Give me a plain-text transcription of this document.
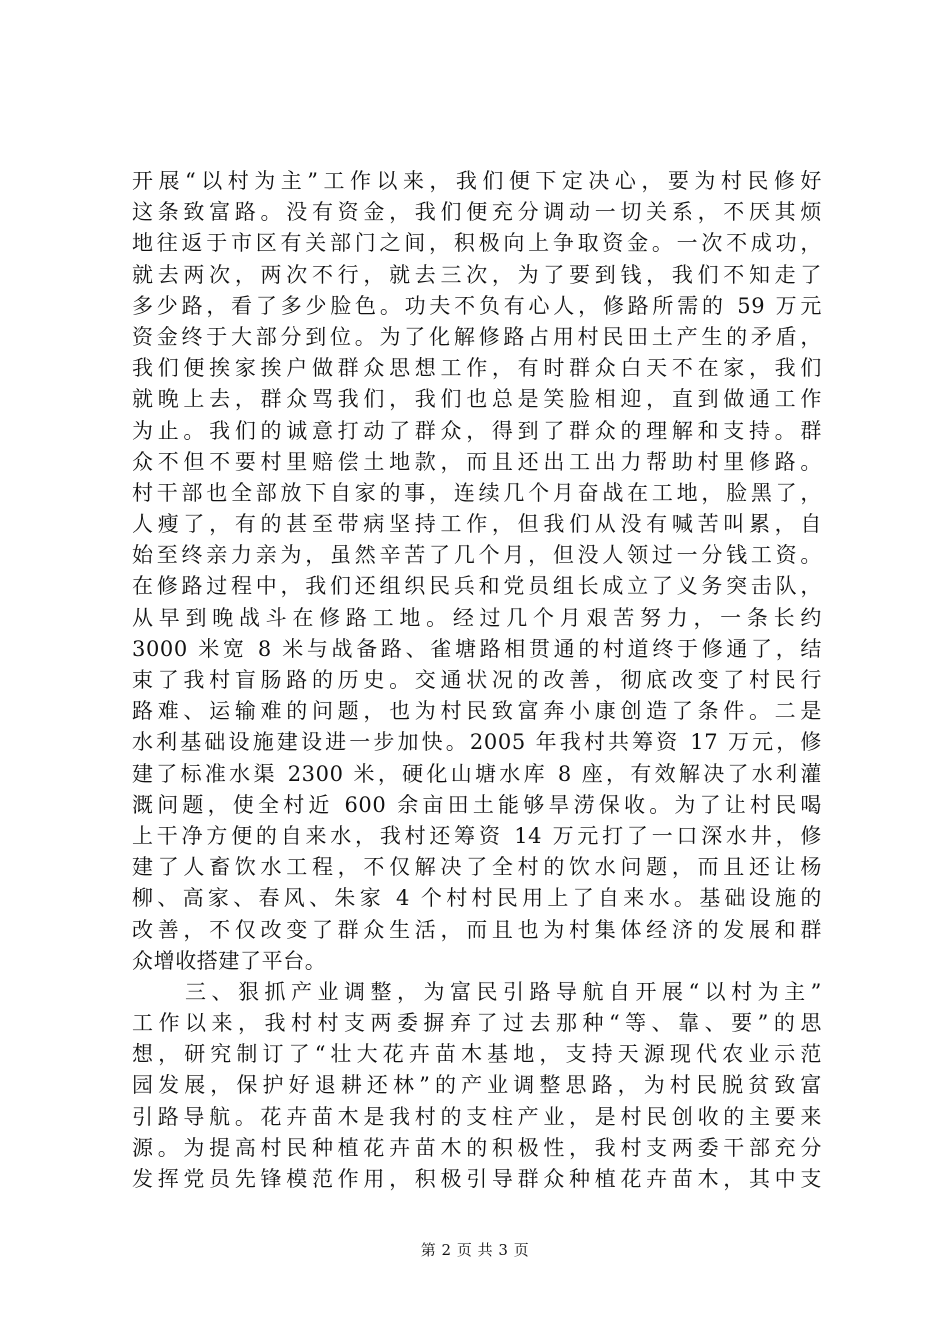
开展“以村为主”工作以来，我们便下定决心，要为村民修好
这条致富路。没有资金，我们便充分调动一切关系，不厌其烦
地往返于市区有关部门之间，积极向上争取资金。一次不成功，
就去两次，两次不行，就去三次，为了要到钱，我们不知走了
多少路，看了多少脸色。功夫不负有心人，修路所需的 59 万元
资金终于大部分到位。为了化解修路占用村民田土产生的矛盾，
我们便挨家挨户做群众思想工作，有时群众白天不在家，我们
就晚上去，群众骂我们，我们也总是笑脸相迎，直到做通工作
为止。我们的诚意打动了群众，得到了群众的理解和支持。群
众不但不要村里赔偿土地款，而且还出工出力帮助村里修路。
村干部也全部放下自家的事，连续几个月奋战在工地，脸黑了，
人瘦了，有的甚至带病坚持工作，但我们从没有喊苦叫累，自
始至终亲力亲为，虽然辛苦了几个月，但没人领过一分钱工资。
在修路过程中，我们还组织民兵和党员组长成立了义务突击队，
从早到晚战斗在修路工地。经过几个月艰苦努力，一条长约
3000 米宽 8 米与战备路、雀塘路相贯通的村道终于修通了，结
束了我村盲肠路的历史。交通状况的改善，彻底改变了村民行
路难、运输难的问题，也为村民致富奔小康创造了条件。二是
水利基础设施建设进一步加快。2005 年我村共筹资 17 万元，修
建了标准水渠 2300 米，硬化山塘水库 8 座，有效解决了水利灌
溉问题，使全村近 600 余亩田土能够旱涝保收。为了让村民喝
上干净方便的自来水，我村还筹资 14 万元打了一口深水井，修
建了人畜饮水工程，不仅解决了全村的饮水问题，而且还让杨
柳、高家、春风、朱家 4 个村村民用上了自来水。基础设施的
改善，不仅改变了群众生活，而且也为村集体经济的发展和群
众增收搭建了平台。
　　三、狠抓产业调整，为富民引路导航自开展“以村为主”
工作以来，我村村支两委摒弃了过去那种“等、靠、要”的思
想，研究制订了“壮大花卉苗木基地，支持天源现代农业示范
园发展，保护好退耕还林”的产业调整思路，为村民脱贫致富
引路导航。花卉苗木是我村的支柱产业，是村民创收的主要来
源。为提高村民种植花卉苗木的积极性，我村支两委干部充分
发挥党员先锋模范作用，积极引导群众种植花卉苗木，其中支
第 2 页 共 3 页
